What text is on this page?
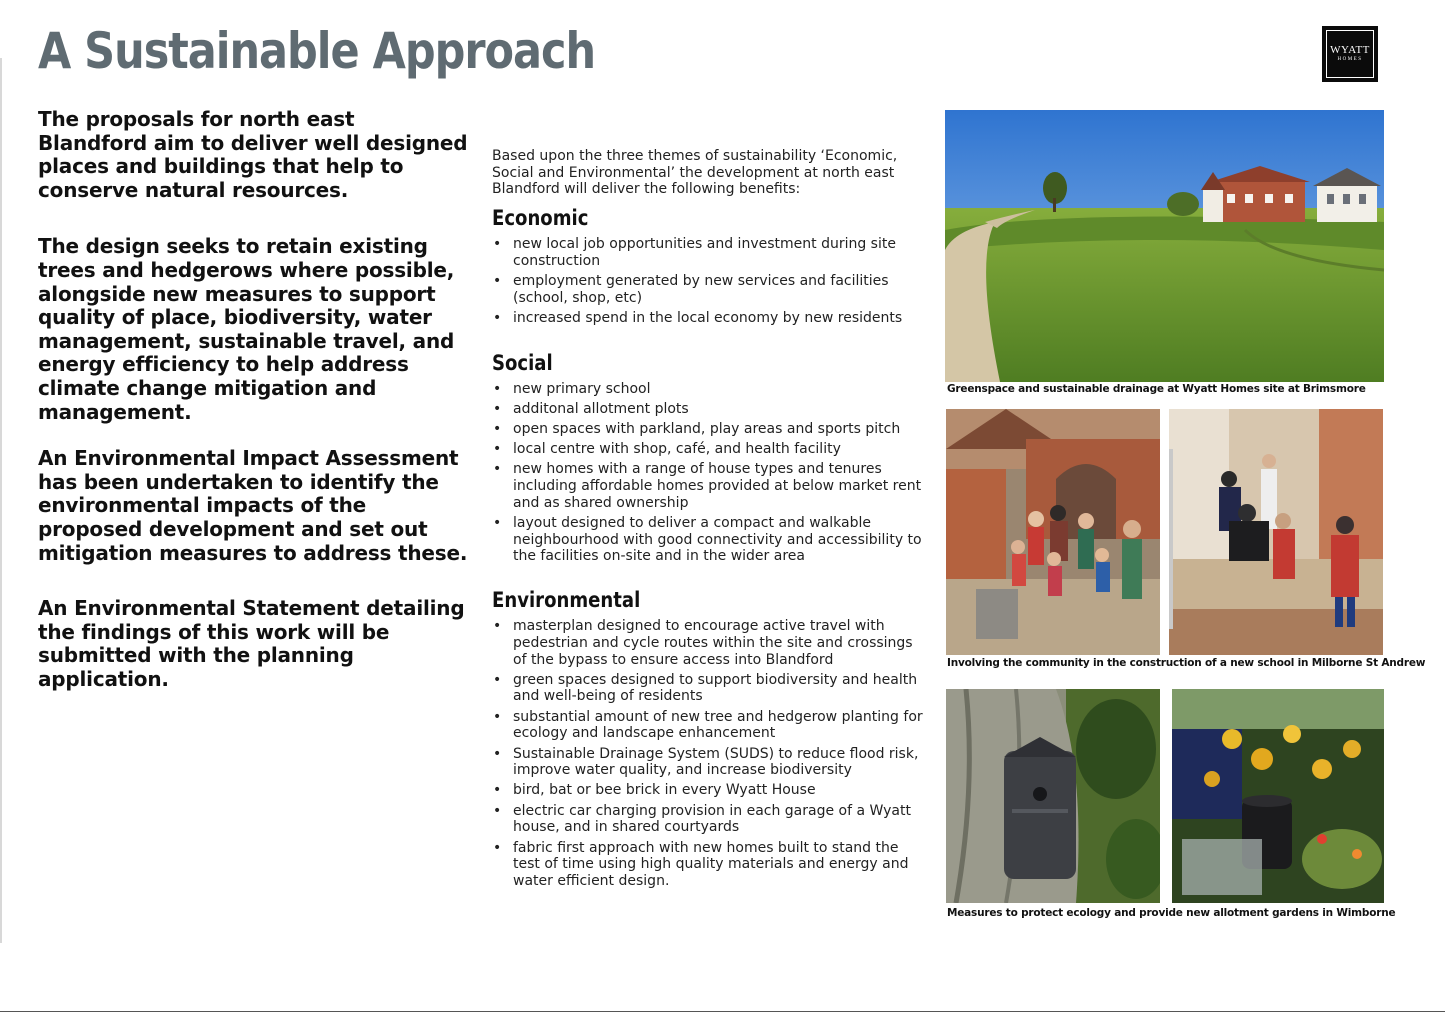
A Sustainable Approach	WYATT
HOMES

The proposals for north east Blandford aim to deliver well designed places and buildings that help to conserve natural resources.

The design seeks to retain existing trees and hedgerows where possible, alongside new measures to support quality of place, biodiversity, water management, sustainable travel, and energy efficiency to help address climate change mitigation and management.

An Environmental Impact Assessment has been undertaken to identify the environmental impacts of the proposed development and set out mitigation measures to address these.

An Environmental Statement detailing the findings of this work will be submitted with the planning application.

Based upon the three themes of sustainability ‘Economic, Social and Environmental’ the development at north east Blandford will deliver the following benefits:

Economic
• new local job opportunities and investment during site construction
• employment generated by new services and facilities (school, shop, etc)
• increased spend in the local economy by new residents
Social
• new primary school
• additonal allotment plots
• open spaces with parkland, play areas and sports pitch
• local centre with shop, café, and health facility
• new homes with a range of house types and tenures including affordable homes provided at below market rent and as shared ownership
• layout designed to deliver a compact and walkable neighbourhood with good connectivity and accessibility to the facilities on-site and in the wider area
Environmental
• masterplan designed to encourage active travel with pedestrian and cycle routes within the site and crossings of the bypass to ensure access into Blandford
• green spaces designed to support biodiversity and health and well-being of residents
• substantial amount of new tree and hedgerow planting for ecology and landscape enhancement
• Sustainable Drainage System (SUDS) to reduce flood risk, improve water quality, and increase biodiversity
• bird, bat or bee brick in every Wyatt House
• electric car charging provision in each garage of a Wyatt house, and in shared courtyards
• fabric first approach with new homes built to stand the test of time using high quality materials and energy and water efficient design.

Greenspace and sustainable drainage at Wyatt Homes site at Brimsmore

Involving the community in the construction of a new school in Milborne St Andrew

Measures to protect ecology and provide new allotment gardens in Wimborne
